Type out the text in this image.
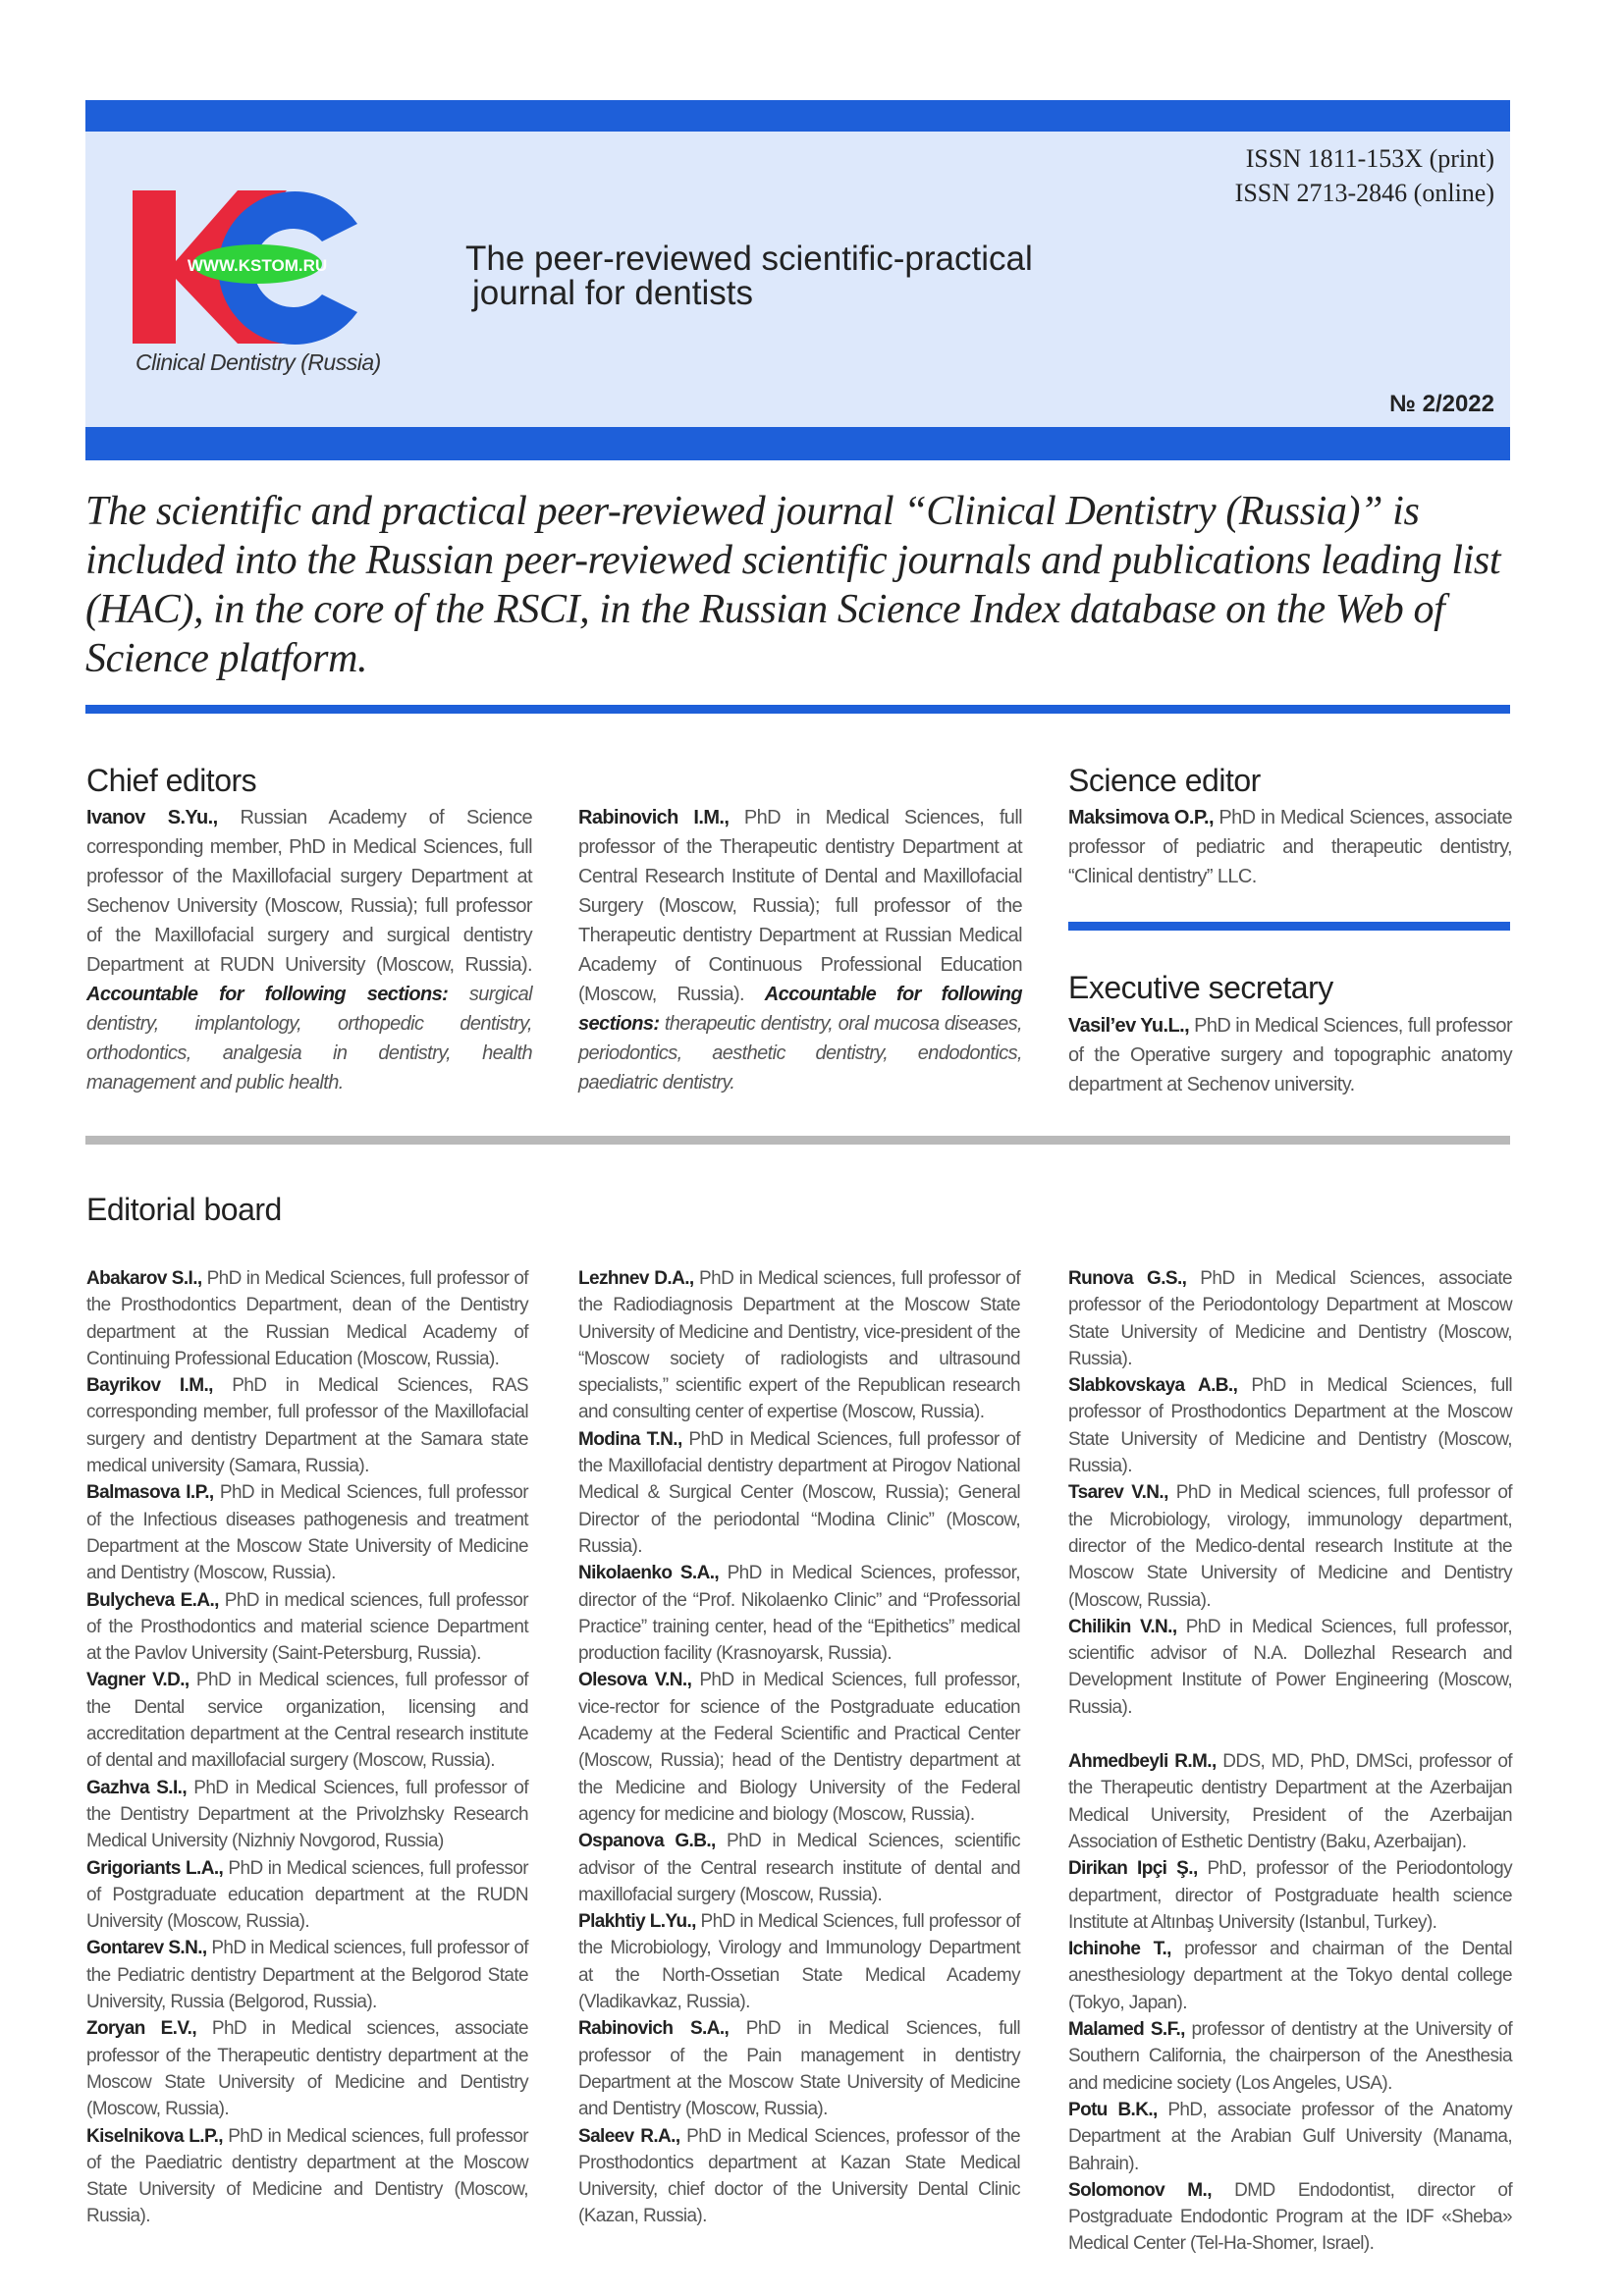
WWW.KSTOM.RU
Clinical Dentistry (Russia)
The peer-reviewed scientific-practical
journal for dentists
ISSN 1811-153X (print)
ISSN 2713-2846 (online)
№ 2/2022
The scientific and practical peer-reviewed journal “Clinical Dentistry (Russia)” is included into the Russian peer-reviewed scientific journals and publications leading list (HAC), in the core of the RSCI, in the Russian Science Index database on the Web of Science platform.
Chief editors
Ivanov S.Yu., Russian Academy of Science corresponding member, PhD in Medical Sciences, full professor of the Maxillofacial surgery Department at Sechenov University (Moscow, Russia); full professor of the Maxillofacial surgery and surgical dentistry Department at RUDN University (Moscow, Russia). Accountable for following sections: surgical dentistry, implantology, orthopedic dentistry, orthodontics, analgesia in dentistry, health management and public health.
Rabinovich I.M., PhD in Medical Sciences, full professor of the Therapeutic dentistry Department at Central Research Institute of Dental and Maxillofacial Surgery (Moscow, Russia); full professor of the Therapeutic dentistry Department at Russian Medical Academy of Continuous Professional Education (Moscow, Russia). Accountable for following sections: therapeutic dentistry, oral mucosa diseases, periodontics, aesthetic dentistry, endodontics, paediatric dentistry.
Science editor
Maksimova O.P., PhD in Medical Sciences, associate professor of pediatric and therapeutic dentistry, “Clinical dentistry” LLC.
Executive secretary
Vasil’ev Yu.L., PhD in Medical Sciences, full professor of the Operative surgery and topographic anatomy department at Sechenov university.
Editorial board

Abakarov S.I., PhD in Medical Sciences, full professor of the Prosthodontics Department, dean of the Dentistry department at the Russian Medical Academy of Continuing Professional Education (Moscow, Russia).

Bayrikov I.M., PhD in Medical Sciences, RAS corresponding member, full professor of the Maxillofacial surgery and dentistry Department at the Samara state medical university (Samara, Russia).

Balmasova I.P., PhD in Medical Sciences, full professor of the Infectious diseases pathogenesis and treatment Department at the Moscow State University of Medicine and Dentistry (Moscow, Russia).

Bulycheva E.A., PhD in medical sciences, full professor of the Prosthodontics and material science Department at the Pavlov University (Saint-Petersburg, Russia).

Vagner V.D., PhD in Medical sciences, full professor of the Dental service organization, licensing and accreditation department at the Central research institute of dental and maxillofacial surgery (Moscow, Russia).

Gazhva S.I., PhD in Medical Sciences, full professor of the Dentistry Department at the Privolzhsky Research Medical University (Nizhniy Novgorod, Russia)

Grigoriants L.A., PhD in Medical sciences, full professor of Postgraduate education department at the RUDN University (Moscow, Russia).

Gontarev S.N., PhD in Medical sciences, full professor of the Pediatric dentistry Department at the Belgorod State University, Russia (Belgorod, Russia).

Zoryan E.V., PhD in Medical sciences, associate professor of the Therapeutic dentistry department at the Moscow State University of Medicine and Dentistry (Moscow, Russia).

Kiselnikova L.P., PhD in Medical sciences, full professor of the Paediatric dentistry department at the Moscow State University of Medicine and Dentistry (Moscow, Russia).

Lezhnev D.A., PhD in Medical sciences, full professor of the Radiodiagnosis Department at the Moscow State University of Medicine and Dentistry, vice-president of the “Moscow society of radiologists and ultrasound specialists,” scientific expert of the Republican research and consulting center of expertise (Moscow, Russia).

Modina T.N., PhD in Medical Sciences, full professor of the Maxillofacial dentistry department at Pirogov National Medical & Surgical Center (Moscow, Russia); General Director of the periodontal “Modina Clinic” (Moscow, Russia).

Nikolaenko S.A., PhD in Medical Sciences, professor, director of the “Prof. Nikolaenko Clinic” and “Professorial Practice” training center, head of the “Epithetics” medical production facility (Krasnoyarsk, Russia).

Olesova V.N., PhD in Medical Sciences, full professor, vice-rector for science of the Postgraduate education Academy at the Federal Scientific and Practical Center (Moscow, Russia); head of the Dentistry department at the Medicine and Biology University of the Federal agency for medicine and biology (Moscow, Russia).

Ospanova G.B., PhD in Medical Sciences, scientific advisor of the Central research institute of dental and maxillofacial surgery (Moscow, Russia).

Plakhtiy L.Yu., PhD in Medical Sciences, full professor of the Microbiology, Virology and Immunology Department at the North-Ossetian State Medical Academy (Vladikavkaz, Russia).

Rabinovich S.A., PhD in Medical Sciences, full professor of the Pain management in dentistry Department at the Moscow State University of Medicine and Dentistry (Moscow, Russia).

Saleev R.A., PhD in Medical Sciences, professor of the Prosthodontics department at Kazan State Medical University, chief doctor of the University Dental Clinic (Kazan, Russia).

Runova G.S., PhD in Medical Sciences, associate professor of the Periodontology Department at Moscow State University of Medicine and Dentistry (Moscow, Russia).

Slabkovskaya A.B., PhD in Medical Sciences, full professor of Prosthodontics Department at the Moscow State University of Medicine and Dentistry (Moscow, Russia).

Tsarev V.N., PhD in Medical sciences, full professor of the Microbiology, virology, immunology department, director of the Medico-dental research Institute at the Moscow State University of Medicine and Dentistry (Moscow, Russia).

Chilikin V.N., PhD in Medical Sciences, full professor, scientific advisor of N.A. Dollezhal Research and Development Institute of Power Engineering (Moscow, Russia).

Ahmedbeyli R.M., DDS, MD, PhD, DMSci, professor of the Therapeutic dentistry Department at the Azerbaijan Medical University, President of the Azerbaijan Association of Esthetic Dentistry (Baku, Azerbaijan).

Dirikan Ipçi Ş., PhD, professor of the Periodontology department, director of Postgraduate health science Institute at Altınbaş University (Istanbul, Turkey).

Ichinohe T., professor and chairman of the Dental anesthesiology department at the Tokyo dental college (Tokyo, Japan).

Malamed S.F., professor of dentistry at the University of Southern California, the chairperson of the Anesthesia and medicine society (Los Angeles, USA).

Potu B.K., PhD, associate professor of the Anatomy Department at the Arabian Gulf University (Manama, Bahrain).

Solomonov M., DMD Endodontist, director of Postgraduate Endodontic Program at the IDF «Sheba» Medical Center (Tel-Ha-Shomer, Israel).
